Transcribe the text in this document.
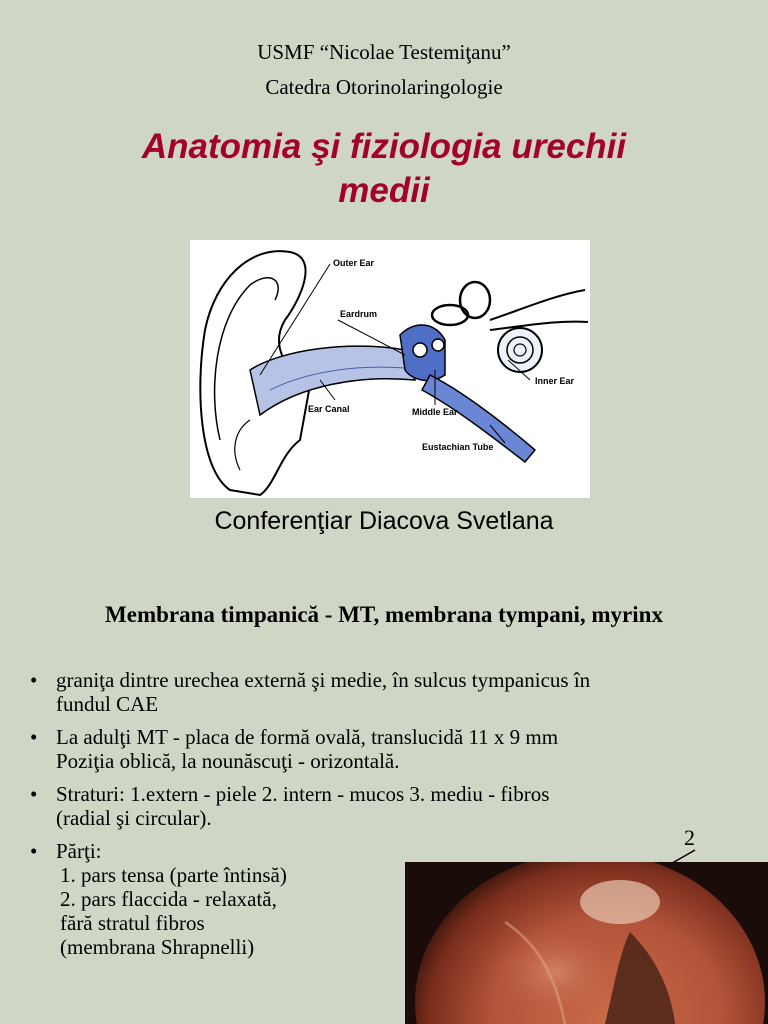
USMF “Nicolae Testemiţanu”
Catedra Otorinolaringologie
Anatomia şi fiziologia urechii
medii
Outer Ear
Eardrum
Inner Ear
Ear Canal	Middle Ear
Eustachian Tube
Conferenţiar Diacova Svetlana
Membrana timpanică - MT, membrana tympani, myrinx
• graniţa dintre urechea externă şi medie, în sulcus tympanicus în
fundul CAE
• La adulţi MT - placa de formă ovală, translucidă 11 x 9 mm
Poziţia oblică, la nounăscuţi - orizontală.
• Straturi: 1.extern - piele 2. intern - mucos 3. mediu - fibros
(radial şi circular).
• Părţi:
1. pars tensa (parte întinsă)
2. pars flaccida - relaxată,
fără stratul fibros
(membrana Shrapnelli)
2
